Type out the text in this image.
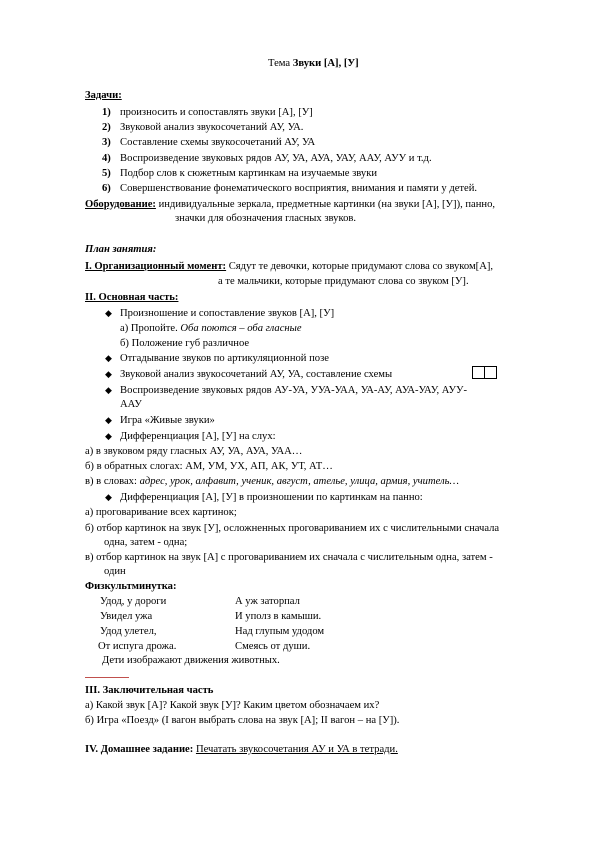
Тема Звуки [А], [У]
Задачи:
1) произносить и сопоставлять звуки [А], [У]
2) Звуковой анализ звукосочетаний АУ, УА.
3) Составление схемы звукосочетаний АУ, УА
4) Воспроизведение звуковых рядов АУ, УА, АУА, УАУ, ААУ, АУУ и т.д.
5) Подбор слов к сюжетным картинкам на изучаемые звуки
6) Совершенствование фонематического восприятия, внимания и памяти у детей.
Оборудование: индивидуальные зеркала, предметные картинки (на звуки [А], [У]), панно,
значки для обозначения гласных звуков.
План занятия:
I. Организационный момент: Сядут те девочки, которые придумают слова со звуком[А],
а те мальчики, которые придумают слова со звуком [У].
II. Основная часть:
◆ Произношение и сопоставление звуков [А], [У]
а) Пропойте. Оба поются – оба гласные
б) Положение губ различное
◆ Отгадывание звуков по артикуляционной позе
◆ Звуковой анализ звукосочетаний АУ, УА, составление схемы
◆ Воспроизведение звуковых рядов АУ-УА, УУА-УАА, УА-АУ, АУА-УАУ, АУУ-
ААУ
◆ Игра «Живые звуки»
◆ Дифференциация [А], [У] на слух:
а) в звуковом ряду гласных АУ, УА, АУА, УАА…
б) в обратных слогах: АМ, УМ, УХ, АП, АК, УТ, АТ…
в) в словах: адрес, урок, алфавит, ученик, август, ателье, улица, армия, учитель…
◆ Дифференциация [А], [У] в произношении по картинкам на панно:
а) проговаривание всех картинок;
б) отбор картинок на звук [У], осложненных проговариванием их с числительными сначала
одна, затем - одна;
в) отбор картинок на звук [А] с проговариванием их сначала с числительным одна, затем -
один
Физкультминутка:
Удод, у дороги	А уж заторпал
Увидел ужа	И уполз в камыши.
Удод улетел,	Над глупым удодом
От испуга дрожа.	Смеясь от души.
Дети изображают движения животных.
III. Заключительная часть
а) Какой звук [А]? Какой звук [У]? Каким цветом обозначаем их?
б) Игра «Поезд» (I вагон выбрать слова на звук [А]; II вагон – на [У]).
IV. Домашнее задание: Печатать звукосочетания АУ и УА в тетради.
